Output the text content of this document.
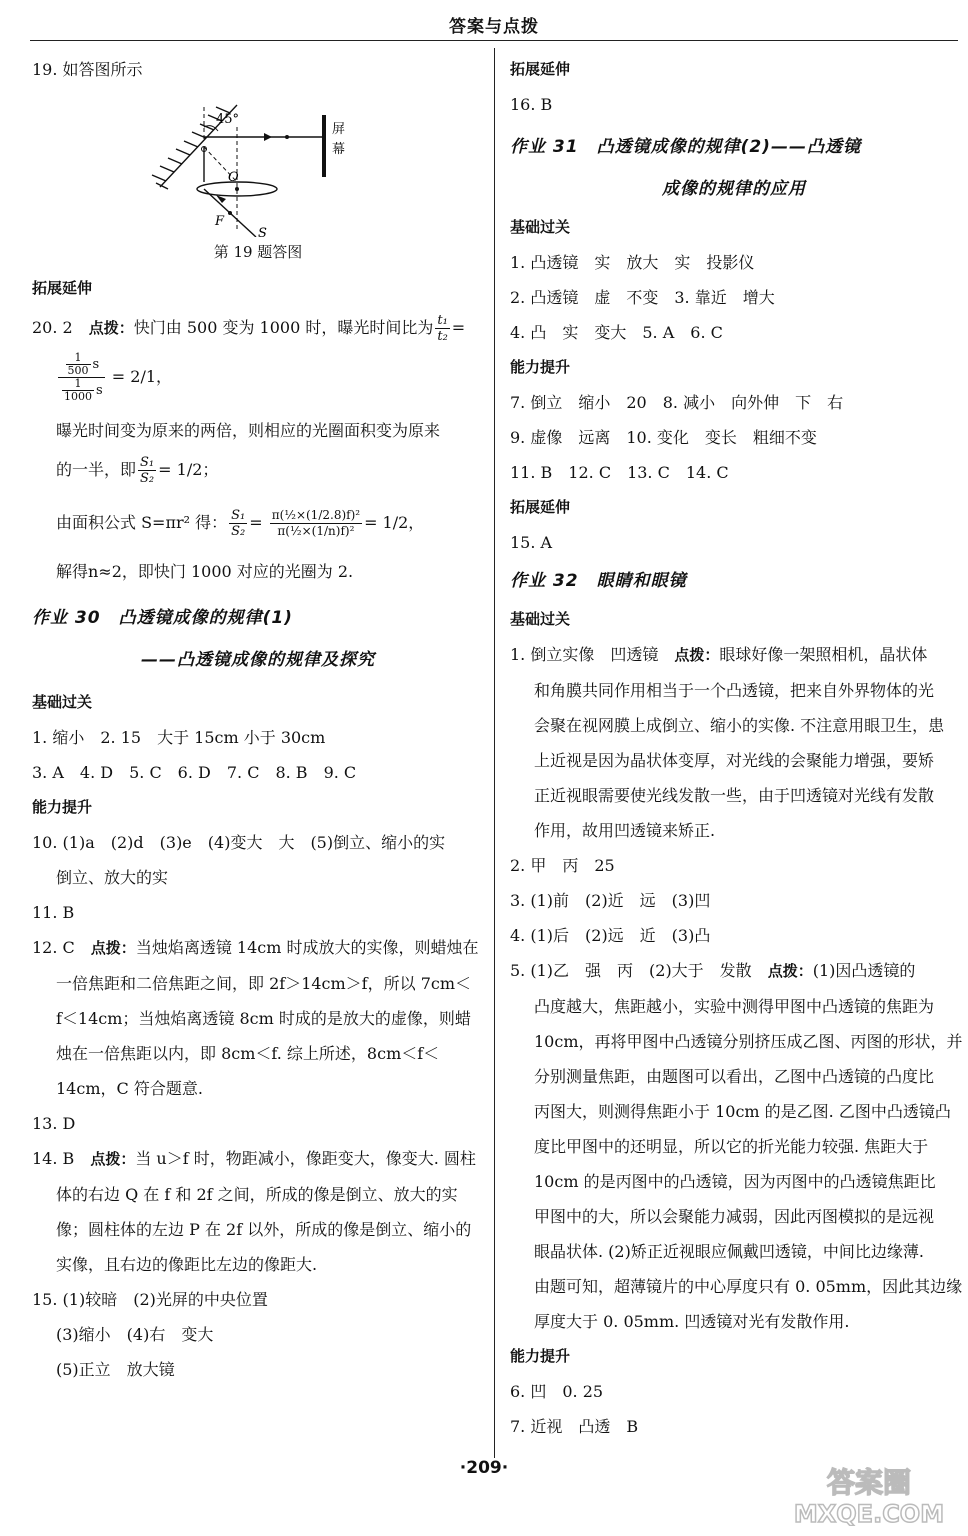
答案与点拨
19. 如答图所示
45°
屏
幕
O
F
S
第 19 题答图
拓展延伸
20. 2　 点拨：快门由 500 变为 1000 时，曝光时间比为 $\frac{\text{t₁}}{\text{t₂}}$ =
$\frac{\frac{1}{500} s}{\frac{1}{1000} s} = 2/1$，
曝光时间变为原来的两倍，则相应的光圈面积变为原来
的一半，即 $\frac{\text{S₁}}{\text{S₂}} = 1/2$；
由面积公式 S=πr² 得： $\frac{\text{S₁}}{\text{S₂}} = \frac{\text{π(½×(1/2.8)f)²}}{\text{π(½×(1/n)f)²}} = 1/2$，
解得n≈2，即快门 1000 对应的光圈为 2.
作业 30　凸透镜成像的规律(1)
——凸透镜成像的规律及探究
基础过关
1. 缩小　2. 15　大于 15cm 小于 30cm
3. A　4. D　5. C　6. D　7. C　8. B　9. C
能力提升
10. (1)a　(2)d　(3)e　(4)变大　大　(5)倒立、缩小的实
倒立、放大的实
11. B
12. C　 点拨：当烛焰离透镜 14cm 时成放大的实像，则蜡烛在
一倍焦距和二倍焦距之间，即 2f＞14cm＞f，所以 7cm＜
f＜14cm；当烛焰离透镜 8cm 时成的是放大的虚像，则蜡
烛在一倍焦距以内，即 8cm＜f. 综上所述，8cm＜f＜
14cm，C 符合题意.
13. D
14. B　 点拨：当 u＞f 时，物距减小，像距变大，像变大. 圆柱
体的右边 Q 在 f 和 2f 之间，所成的像是倒立、放大的实
像；圆柱体的左边 P 在 2f 以外，所成的像是倒立、缩小的
实像，且右边的像距比左边的像距大.
15. (1)较暗　(2)光屏的中央位置
(3)缩小　(4)右　变大
(5)正立　放大镜
拓展延伸
16. B
作业 31　凸透镜成像的规律(2)——凸透镜
成像的规律的应用
基础过关
1. 凸透镜　实　放大　实　投影仪
2. 凸透镜　虚　不变　3. 靠近　增大
4. 凸　实　变大　5. A　6. C
能力提升
7. 倒立　缩小　20　8. 减小　向外伸　下　右
9. 虚像　远离　10. 变化　变长　粗细不变
11. B　12. C　13. C　14. C
拓展延伸
15. A
作业 32　眼睛和眼镜
基础过关
1. 倒立实像　凹透镜　 点拨：眼球好像一架照相机，晶状体
和角膜共同作用相当于一个凸透镜，把来自外界物体的光
会聚在视网膜上成倒立、缩小的实像. 不注意用眼卫生，患
上近视是因为晶状体变厚，对光线的会聚能力增强，要矫
正近视眼需要使光线发散一些，由于凹透镜对光线有发散
作用，故用凹透镜来矫正.
2. 甲　丙　25
3. (1)前　(2)近　远　(3)凹
4. (1)后　(2)远　近　(3)凸
5. (1)乙　强　丙　(2)大于　发散　 点拨：(1)因凸透镜的
凸度越大，焦距越小，实验中测得甲图中凸透镜的焦距为
10cm，再将甲图中凸透镜分别挤压成乙图、丙图的形状，并
分别测量焦距，由题图可以看出，乙图中凸透镜的凸度比
丙图大，则测得焦距小于 10cm 的是乙图. 乙图中凸透镜凸
度比甲图中的还明显，所以它的折光能力较强. 焦距大于
10cm 的是丙图中的凸透镜，因为丙图中的凸透镜焦距比
甲图中的大，所以会聚能力减弱，因此丙图模拟的是远视
眼晶状体. (2)矫正近视眼应佩戴凹透镜，中间比边缘薄.
由题可知，超薄镜片的中心厚度只有 0. 05mm，因此其边缘
厚度大于 0. 05mm. 凹透镜对光有发散作用.
能力提升
6. 凹　0. 25
7. 近视　凸透　B
·209·	答案圈
MXQE.COM
